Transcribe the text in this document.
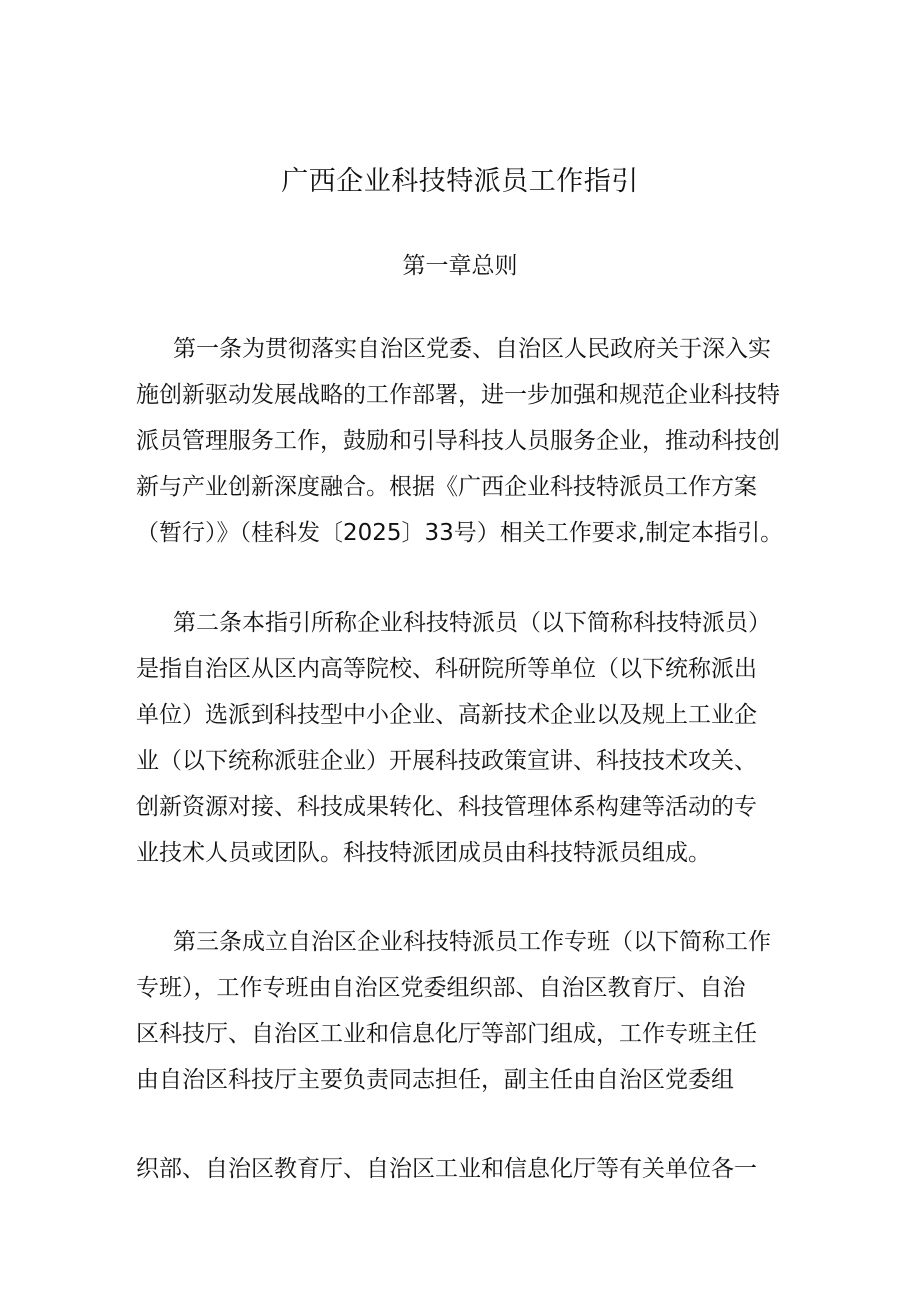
广西企业科技特派员工作指引
第一章总则

第一条为贯彻落实自治区党委、自治区人民政府关于深入实
施创新驱动发展战略的工作部署，进一步加强和规范企业科技特
派员管理服务工作，鼓励和引导科技人员服务企业，推动科技创
新与产业创新深度融合。根据《广西企业科技特派员工作方案
（暂行）》（桂科发〔2025〕33号）相关工作要求,制定本指引。

第二条本指引所称企业科技特派员（以下简称科技特派员）
是指自治区从区内高等院校、科研院所等单位（以下统称派出
单位）选派到科技型中小企业、高新技术企业以及规上工业企
业（以下统称派驻企业）开展科技政策宣讲、科技技术攻关、
创新资源对接、科技成果转化、科技管理体系构建等活动的专
业技术人员或团队。科技特派团成员由科技特派员组成。

第三条成立自治区企业科技特派员工作专班（以下简称工作
专班），工作专班由自治区党委组织部、自治区教育厅、自治
区科技厅、自治区工业和信息化厅等部门组成，工作专班主任
由自治区科技厅主要负责同志担任，副主任由自治区党委组

织部、自治区教育厅、自治区工业和信息化厅等有关单位各一
